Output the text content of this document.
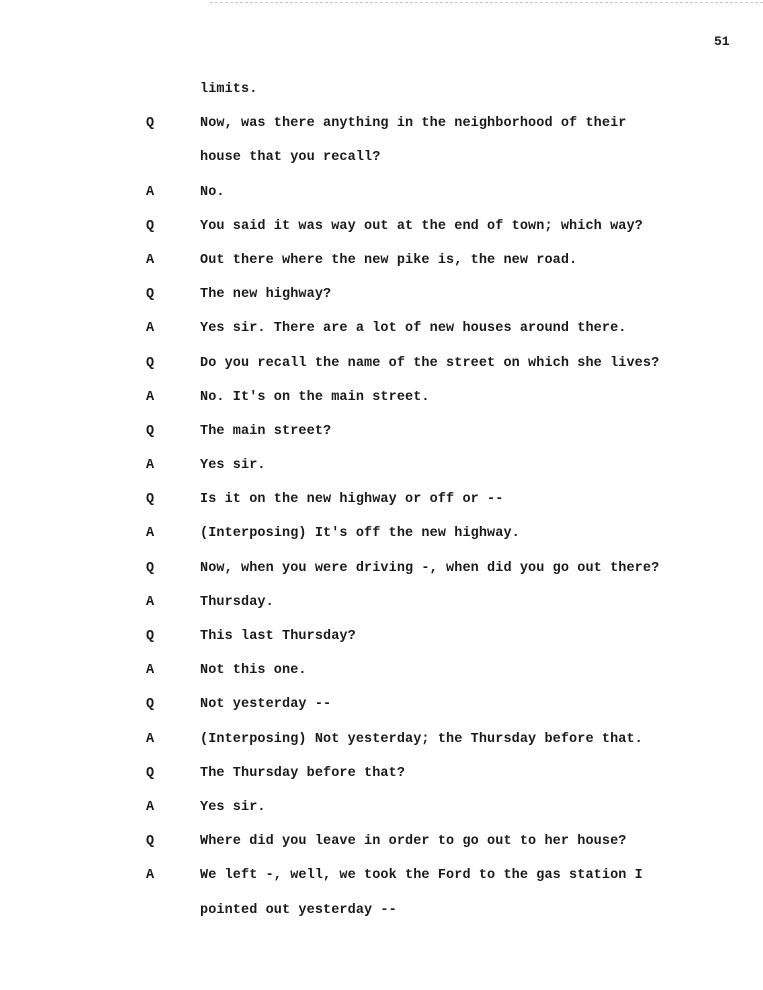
51
limits.
Q	Now, was there anything in the neighborhood of their
house that you recall?
A	No.
Q	You said it was way out at the end of town; which way?
A	Out there where the new pike is, the new road.
Q	The new highway?
A	Yes sir. There are a lot of new houses around there.
Q	Do you recall the name of the street on which she lives?
A	No. It's on the main street.
Q	The main street?
A	Yes sir.
Q	Is it on the new highway or off or --
A	(Interposing) It's off the new highway.
Q	Now, when you were driving -, when did you go out there?
A	Thursday.
Q	This last Thursday?
A	Not this one.
Q	Not yesterday --
A	(Interposing) Not yesterday; the Thursday before that.
Q	The Thursday before that?
A	Yes sir.
Q	Where did you leave in order to go out to her house?
A	We left -, well, we took the Ford to the gas station I
pointed out yesterday --
